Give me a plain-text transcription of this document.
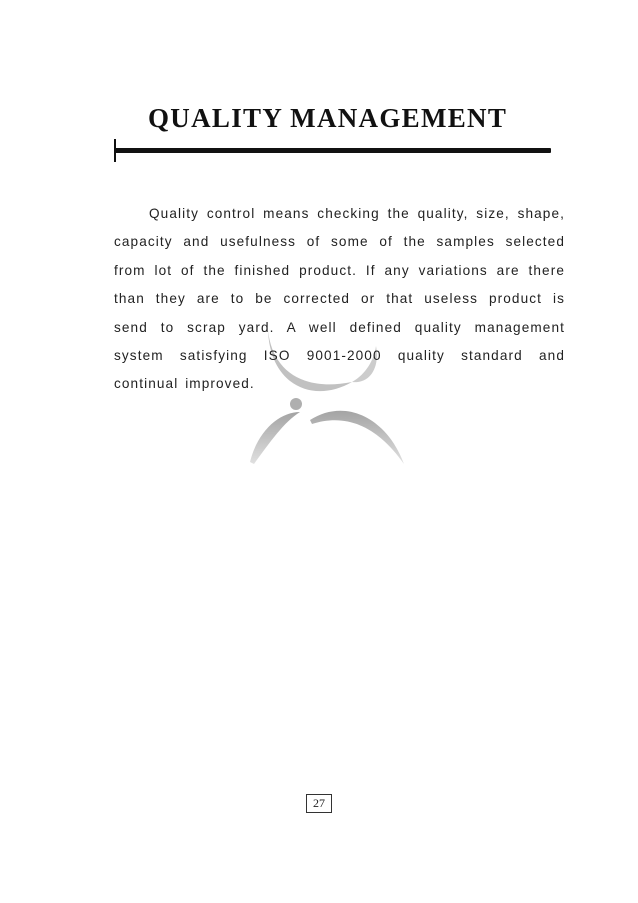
QUALITY MANAGEMENT

Quality control means checking the quality, size, shape, capacity and usefulness of some of the samples selected from lot of the finished product. If any variations are there than they are to be corrected or that useless product is send to scrap yard. A well defined quality management system satisfying ISO 9001-2000 quality standard and continual improved.

27
